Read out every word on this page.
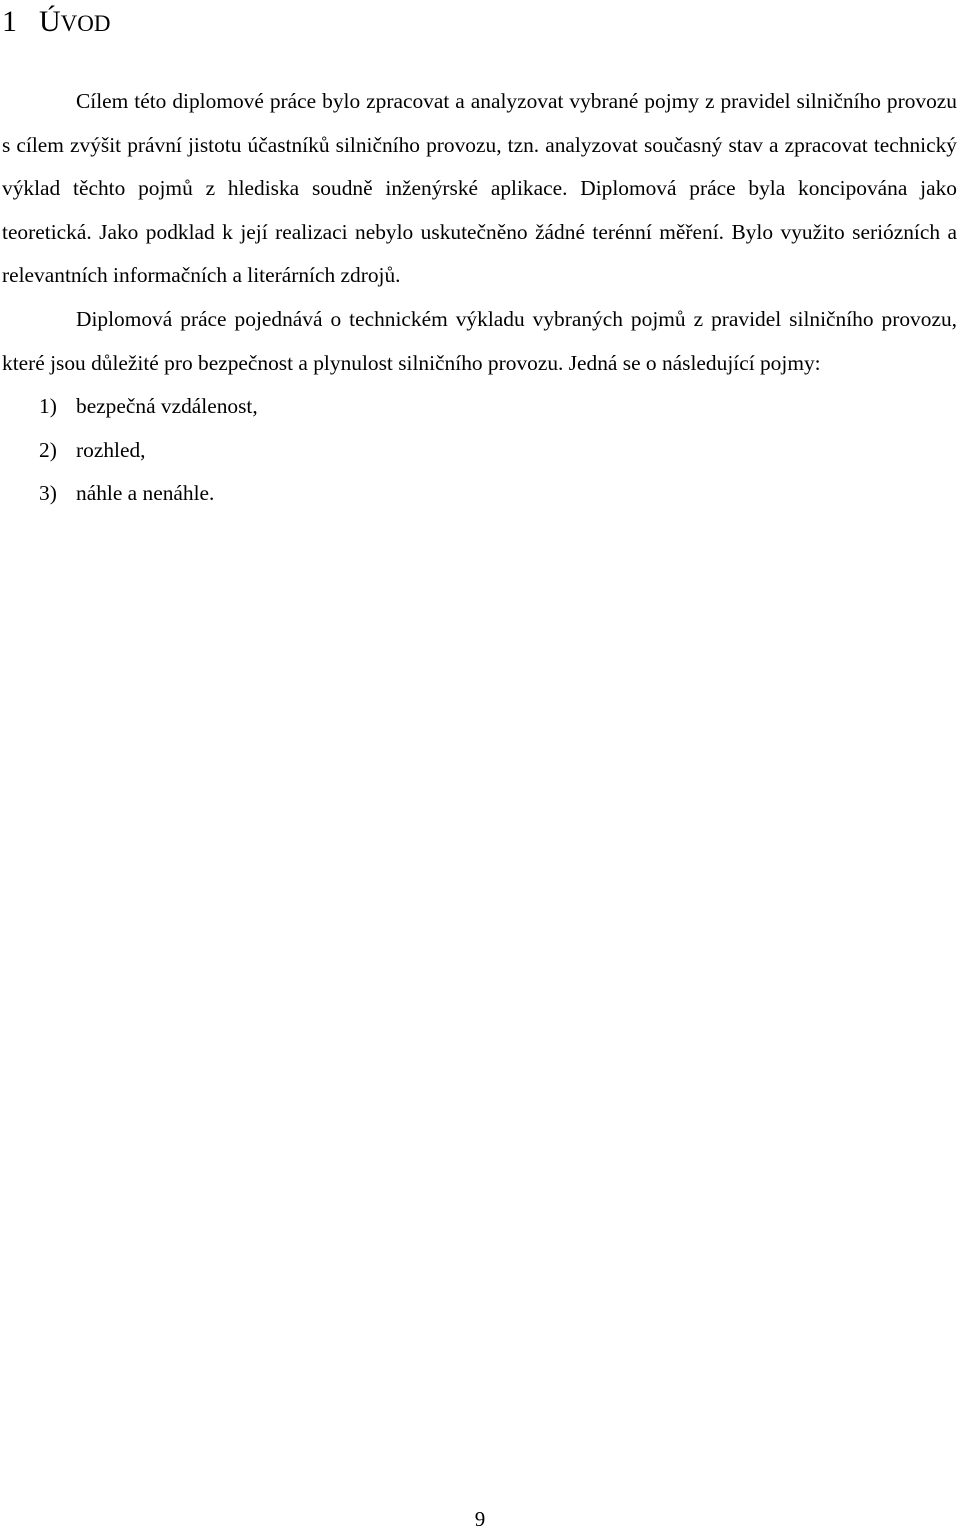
1 ÚVOD

Cílem této diplomové práce bylo zpracovat a analyzovat vybrané pojmy z pravidel silničního provozu s cílem zvýšit právní jistotu účastníků silničního provozu, tzn. analyzovat současný stav a zpracovat technický výklad těchto pojmů z hlediska soudně inženýrské aplikace. Diplomová práce byla koncipována jako teoretická. Jako podklad k její realizaci nebylo uskutečněno žádné terénní měření. Bylo využito seriózních a relevantních informačních a literárních zdrojů.

Diplomová práce pojednává o technickém výkladu vybraných pojmů z pravidel silničního provozu, které jsou důležité pro bezpečnost a plynulost silničního provozu. Jedná se o následující pojmy:

1) bezpečná vzdálenost,
2) rozhled,
3) náhle a nenáhle.
9
